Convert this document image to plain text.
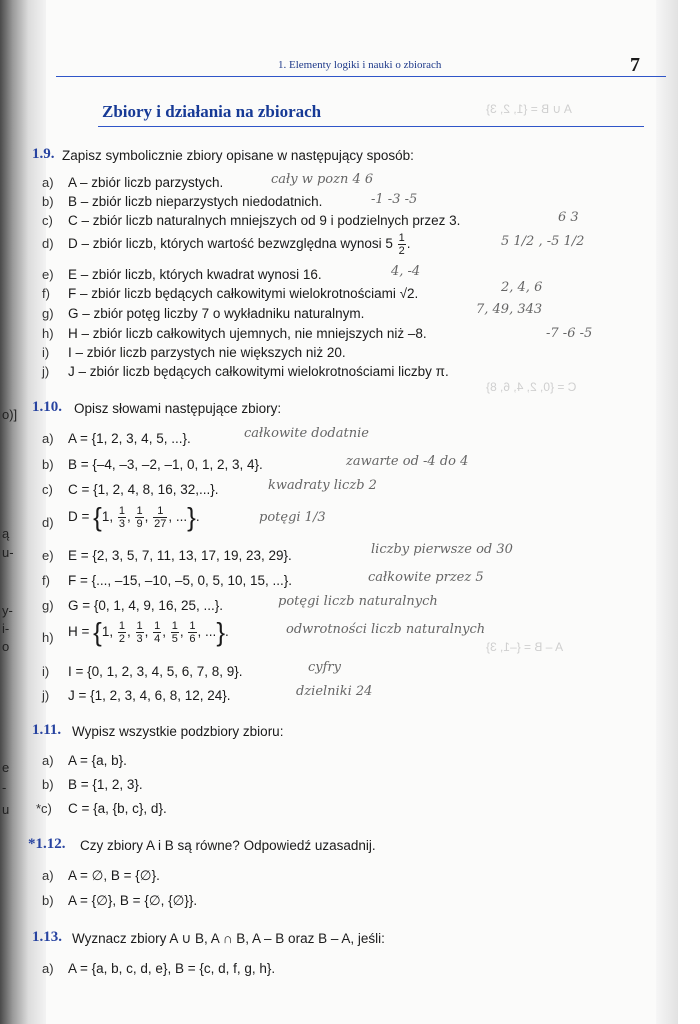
1. Elementy logiki i nauki o zbiorach	7
Zbiory i działania na zbiorach	A ∪ B = {1, 2, 3}
C = {0, 2, 4, 6, 8}
A – B = {–1, 3}
1.9. Zapisz symbolicznie zbiory opisane w następujący sposób:
a) A – zbiór liczb parzystych.	cały w pozn 4 6
b) B – zbiór liczb nieparzystych niedodatnich.	-1 -3 -5
c) C – zbiór liczb naturalnych mniejszych od 9 i podzielnych przez 3.	6 3
d) D – zbiór liczb, których wartość bezwzględna wynosi $5 \frac{1}{2}$ .	5 1/2 , -5 1/2
e) E – zbiór liczb, których kwadrat wynosi 16.	4, -4
f) F – zbiór liczb będących całkowitymi wielokrotnościami √2.	2, 4, 6
g) G – zbiór potęg liczby 7 o wykładniku naturalnym.	7, 49, 343
h) H – zbiór liczb całkowitych ujemnych, nie mniejszych niż –8.	-7 -6 -5
i) I – zbiór liczb parzystych nie większych niż 20.
j) J – zbiór liczb będących całkowitymi wielokrotnościami liczby π.
1.10. Opisz słowami następujące zbiory:
a) A = {1, 2, 3, 4, 5, ...}.	całkowite dodatnie
b) B = {–4, –3, –2, –1, 0, 1, 2, 3, 4}.	zawarte od -4 do 4
c) C = {1, 2, 4, 8, 16, 32,...}.	kwadraty liczb 2
d) D = {1, $\frac{1}{3}$ , $\frac{1}{9}$ , $\frac{1}{27}$ , ...}.	potęgi 1/3
e) E = {2, 3, 5, 7, 11, 13, 17, 19, 23, 29}.	liczby pierwsze od 30
f) F = {..., –15, –10, –5, 0, 5, 10, 15, ...}.	całkowite przez 5
g) G = {0, 1, 4, 9, 16, 25, ...}.	potęgi liczb naturalnych
h) H = {1, $\frac{1}{2}$ , $\frac{1}{3}$ , $\frac{1}{4}$ , $\frac{1}{5}$ , $\frac{1}{6}$ , ...}.	odwrotności liczb naturalnych
i) I = {0, 1, 2, 3, 4, 5, 6, 7, 8, 9}.	cyfry
j) J = {1, 2, 3, 4, 6, 8, 12, 24}.	dzielniki 24
1.11. Wypisz wszystkie podzbiory zbioru:
a) A = {a, b}.
b) B = {1, 2, 3}.
*c) C = {a, {b, c}, d}.
*1.12. Czy zbiory A i B są równe? Odpowiedź uzasadnij.
a) A = ∅, B = {∅}.
b) A = {∅}, B = {∅, {∅}}.
1.13. Wyznacz zbiory A ∪ B, A ∩ B, A – B oraz B – A, jeśli:
a) A = {a, b, c, d, e}, B = {c, d, f, g, h}.
o)]
ą
u-
y-
i-
o
e
-
u
